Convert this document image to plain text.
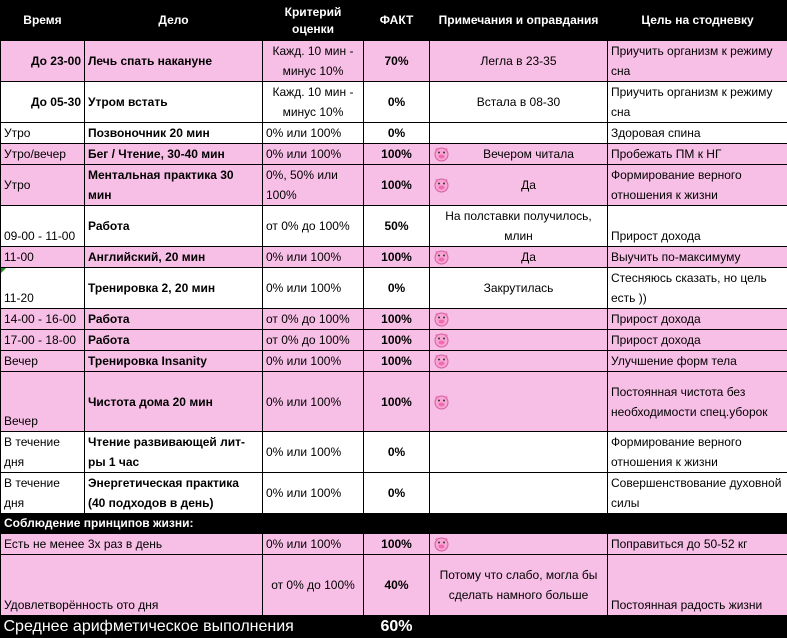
Время	Дело	Критерий оценки	ФАКТ	Примечания и оправдания	Цель на стодневку
До 23-00	Лечь спать накануне	Кажд. 10 мин - минус 10%	70%	Легла в 23-35	Приучить организм к режиму сна
До 05-30	Утром встать	Кажд. 10 мин - минус 10%	0%	Встала в 08-30	Приучить организм к режиму сна
Утро	Позвоночник 20 мин	0% или 100%	0%		Здоровая спина
Утро/вечер	Бег / Чтение, 30-40 мин	0% или 100%	100%	Вечером читала	Пробежать ПМ к НГ
Утро	Ментальная практика 30 мин	0%, 50% или 100%	100%	Да	Формирование верного отношения к жизни
09-00 - 11-00	Работа	от 0% до 100%	50%	На полставки получилось, млин	Прирост дохода
11-00	Английский, 20 мин	0% или 100%	100%	Да	Выучить по-максимуму

11-20	Тренировка 2, 20 мин	0% или 100%	0%	Закрутилась	Стесняюсь сказать, но цель есть ))
14-00 - 16-00	Работа	от 0% до 100%	100%		Прирост дохода
17-00 - 18-00	Работа	от 0% до 100%	100%		Прирост дохода
Вечер	Тренировка Insanity	0% или 100%	100%		Улучшение форм тела
Вечер	Чистота дома 20 мин	0% или 100%	100%		Постоянная чистота без необходимости спец.уборок
В течение дня	Чтение развивающей лит-ры 1 час	0% или 100%	0%		Формирование верного отношения к жизни
В течение дня	Энергетическая практика (40 подходов в день)	0% или 100%	0%		Совершенствование духовной силы
Соблюдение принципов жизни:					
Есть не менее 3х раз в день		0% или 100%	100%		Поправиться до 50-52 кг
Удовлетворённость ото дня		от 0% до 100%	40%	Потому что слабо, могла бы сделать намного больше	Постоянная радость жизни
Среднее арифметическое выполнения			60%		
